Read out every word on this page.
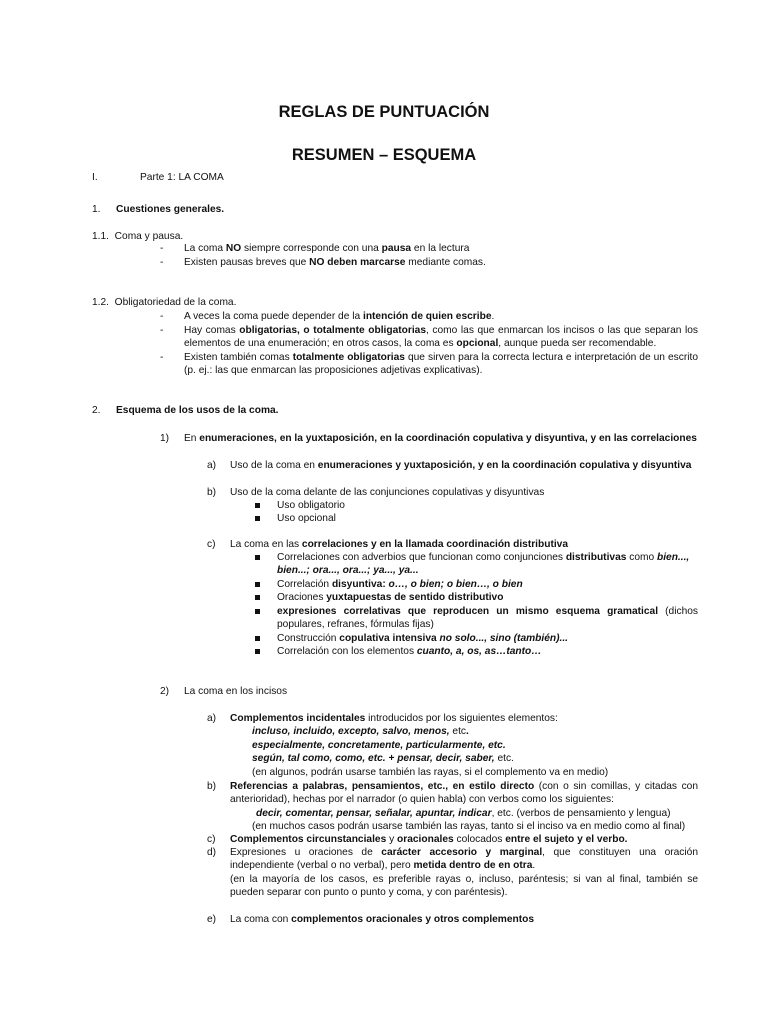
REGLAS DE PUNTUACIÓN
RESUMEN – ESQUEMA
I.	Parte 1: LA COMA
1. Cuestiones generales.
1.1. Coma y pausa.
- La coma NO siempre corresponde con una pausa en la lectura
- Existen pausas breves que NO deben marcarse mediante comas.
1.2. Obligatoriedad de la coma.
- A veces la coma puede depender de la intención de quien escribe.
- Hay comas obligatorias, o totalmente obligatorias, como las que enmarcan los incisos o las que separan los elementos de una enumeración; en otros casos, la coma es opcional, aunque pueda ser recomendable.
- Existen también comas totalmente obligatorias que sirven para la correcta lectura e interpretación de un escrito (p. ej.: las que enmarcan las proposiciones adjetivas explicativas).
2. Esquema de los usos de la coma.
1) En enumeraciones, en la yuxtaposición, en la coordinación copulativa y disyuntiva, y en las correlaciones
a) Uso de la coma en enumeraciones y yuxtaposición, y en la coordinación copulativa y disyuntiva
b) Uso de la coma delante de las conjunciones copulativas y disyuntivas
Uso obligatorio
Uso opcional
c) La coma en las correlaciones y en la llamada coordinación distributiva
Correlaciones con adverbios que funcionan como conjunciones distributivas como bien...,
bien...; ora..., ora...; ya..., ya...
Correlación disyuntiva: o…, o bien; o bien…, o bien
Oraciones yuxtapuestas de sentido distributivo
expresiones correlativas que reproducen un mismo esquema gramatical (dichos populares, refranes, fórmulas fijas)
Construcción copulativa intensiva no solo..., sino (también)...
Correlación con los elementos cuanto, a, os, as…tanto…
2) La coma en los incisos
a) Complementos incidentales introducidos por los siguientes elementos:
incluso, incluido, excepto, salvo, menos, etc.
especialmente, concretamente, particularmente, etc.
según, tal como, como, etc. + pensar, decir, saber, etc.
(en algunos, podrán usarse también las rayas, si el complemento va en medio)
b) Referencias a palabras, pensamientos, etc., en estilo directo (con o sin comillas, y citadas con anterioridad), hechas por el narrador (o quien habla) con verbos como los siguientes:
decir, comentar, pensar, señalar, apuntar, indicar, etc. (verbos de pensamiento y lengua)
(en muchos casos podrán usarse también las rayas, tanto si el inciso va en medio como al final)
c) Complementos circunstanciales y oracionales colocados entre el sujeto y el verbo.
d) Expresiones u oraciones de carácter accesorio y marginal, que constituyen una oración independiente (verbal o no verbal), pero metida dentro de en otra.
(en la mayoría de los casos, es preferible rayas o, incluso, paréntesis; si van al final, también se pueden separar con punto o punto y coma, y con paréntesis).
e) La coma con complementos oracionales y otros complementos
